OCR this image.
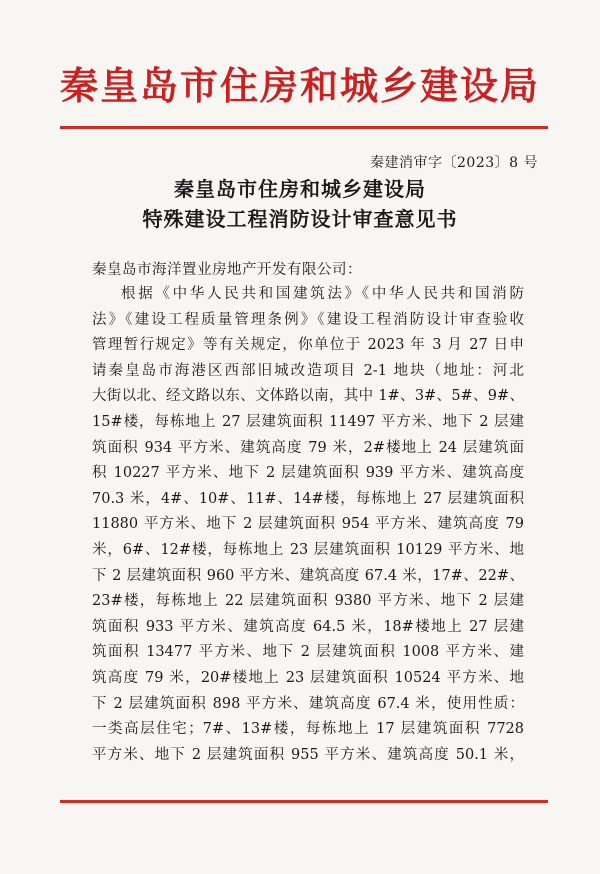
秦皇岛市住房和城乡建设局
秦建消审字〔2023〕8 号
秦皇岛市住房和城乡建设局
特殊建设工程消防设计审查意见书
秦皇岛市海洋置业房地产开发有限公司：
根据《中华人民共和国建筑法》《中华人民共和国消防
法》《建设工程质量管理条例》《建设工程消防设计审查验收
管理暂行规定》等有关规定，你单位于 2023 年 3 月 27 日申
请秦皇岛市海港区西部旧城改造项目 2-1 地块（地址：河北
大街以北、经文路以东、文体路以南，其中 1#、3#、5#、9#、
15#楼，每栋地上 27 层建筑面积 11497 平方米、地下 2 层建
筑面积 934 平方米、建筑高度 79 米，2#楼地上 24 层建筑面
积 10227 平方米、地下 2 层建筑面积 939 平方米、建筑高度
70.3 米，4#、10#、11#、14#楼，每栋地上 27 层建筑面积
11880 平方米、地下 2 层建筑面积 954 平方米、建筑高度 79
米，6#、12#楼，每栋地上 23 层建筑面积 10129 平方米、地
下 2 层建筑面积 960 平方米、建筑高度 67.4 米，17#、22#、
23#楼，每栋地上 22 层建筑面积 9380 平方米、地下 2 层建
筑面积 933 平方米、建筑高度 64.5 米，18#楼地上 27 层建
筑面积 13477 平方米、地下 2 层建筑面积 1008 平方米、建
筑高度 79 米，20#楼地上 23 层建筑面积 10524 平方米、地
下 2 层建筑面积 898 平方米、建筑高度 67.4 米，使用性质：
一类高层住宅；7#、13#楼，每栋地上 17 层建筑面积 7728
平方米、地下 2 层建筑面积 955 平方米、建筑高度 50.1 米，
